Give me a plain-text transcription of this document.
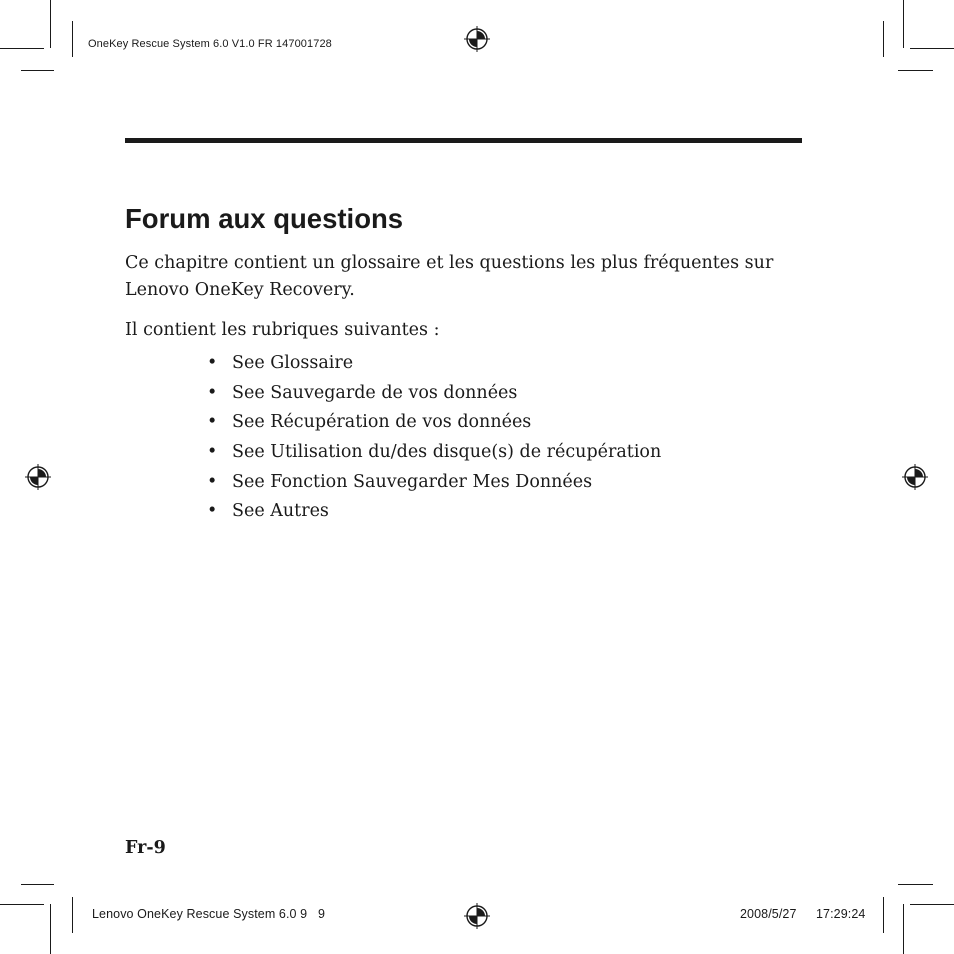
OneKey Rescue System 6.0 V1.0 FR 147001728
Forum aux questions

Ce chapitre contient un glossaire et les questions les plus fréquentes sur Lenovo OneKey Recovery.

Il contient les rubriques suivantes :

• See Glossaire
• See Sauvegarde de vos données
• See Récupération de vos données
• See Utilisation du/des disque(s) de récupération
• See Fonction Sauvegarder Mes Données
• See Autres
Fr-9
Lenovo OneKey Rescue System 6.0 9   9	2008/5/27 17:29:24
